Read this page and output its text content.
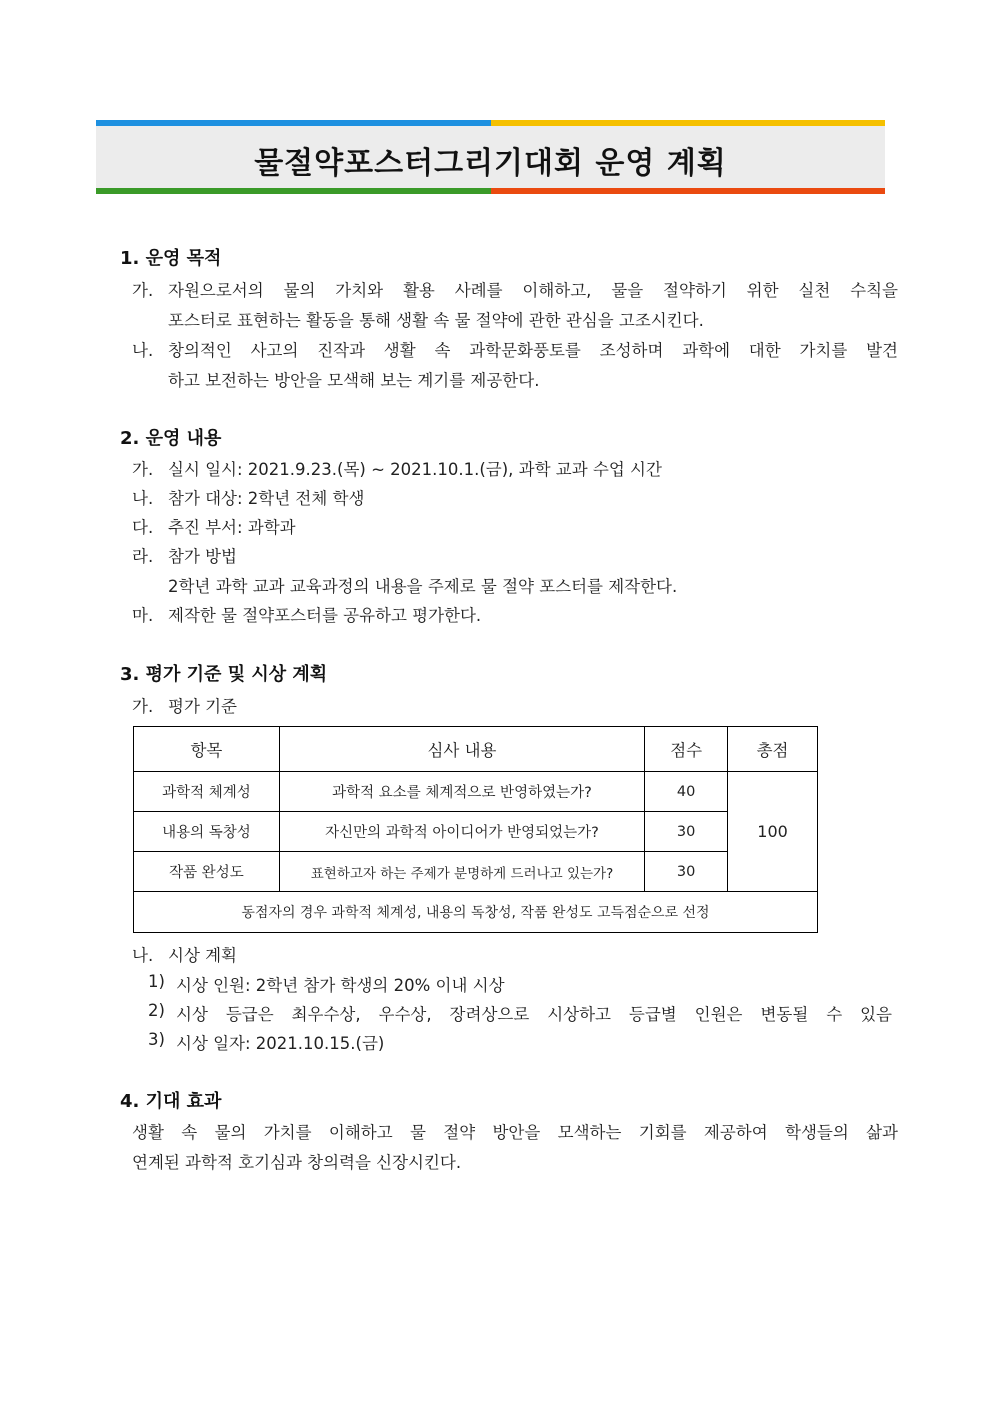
물절약포스터그리기대회 운영 계획
1. 운영 목적
가. 자원으로서의 물의 가치와 활용 사례를 이해하고, 물을 절약하기 위한 실천 수칙을
포스터로 표현하는 활동을 통해 생활 속 물 절약에 관한 관심을 고조시킨다.
나. 창의적인 사고의 진작과 생활 속 과학문화풍토를 조성하며 과학에 대한 가치를 발견
하고 보전하는 방안을 모색해 보는 계기를 제공한다.
2. 운영 내용
가. 실시 일시: 2021.9.23.(목) ~ 2021.10.1.(금), 과학 교과 수업 시간
나. 참가 대상: 2학년 전체 학생
다. 추진 부서: 과학과
라. 참가 방법
2학년 과학 교과 교육과정의 내용을 주제로 물 절약 포스터를 제작한다.
마. 제작한 물 절약포스터를 공유하고 평가한다.
3. 평가 기준 및 시상 계획
가. 평가 기준
항목	심사 내용	점수	총점
과학적 체계성	과학적 요소를 체계적으로 반영하였는가?	40	100
내용의 독창성	자신만의 과학적 아이디어가 반영되었는가?	30	
작품 완성도	표현하고자 하는 주제가 분명하게 드러나고 있는가?	30	
동점자의 경우 과학적 체계성, 내용의 독창성, 작품 완성도 고득점순으로 선정			
나. 시상 계획
1) 시상 인원: 2학년 참가 학생의 20% 이내 시상
2) 시상 등급은 최우수상, 우수상, 장려상으로 시상하고 등급별 인원은 변동될 수 있음
3) 시상 일자: 2021.10.15.(금)
4. 기대 효과
생활 속 물의 가치를 이해하고 물 절약 방안을 모색하는 기회를 제공하여 학생들의 삶과
연계된 과학적 호기심과 창의력을 신장시킨다.
